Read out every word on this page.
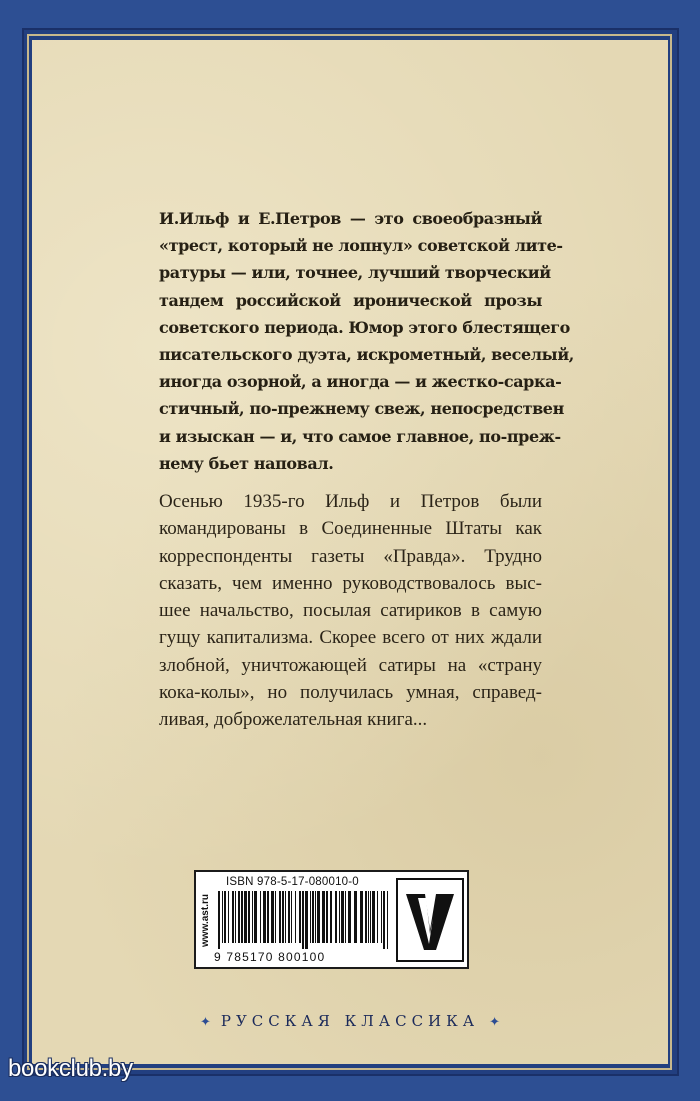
И.Ильф и Е.Петров — это своеобразный
«трест, который не лопнул» советской лите-
ратуры — или, точнее, лучший творческий
тандем российской иронической прозы
советского периода. Юмор этого блестящего
писательского дуэта, искрометный, веселый,
иногда озорной, а иногда — и жестко-сарка-
стичный, по-прежнему свеж, непосредствен
и изыскан — и, что самое главное, по-преж-
нему бьет наповал.
Осенью 1935-го Ильф и Петров были
командированы в Соединенные Штаты как
корреспонденты газеты «Правда». Трудно
сказать, чем именно руководствовалось выс-
шее начальство, посылая сатириков в самую
гущу капитализма. Скорее всего от них ждали
злобной, уничтожающей сатиры на «страну
кока-колы», но получилась умная, справед-
ливая, доброжелательная книга...
www.ast.ru
ISBN 978-5-17-080010-0
9 785170 800100
✦ РУССКАЯ КЛАССИКА ✦
bookclub.by
